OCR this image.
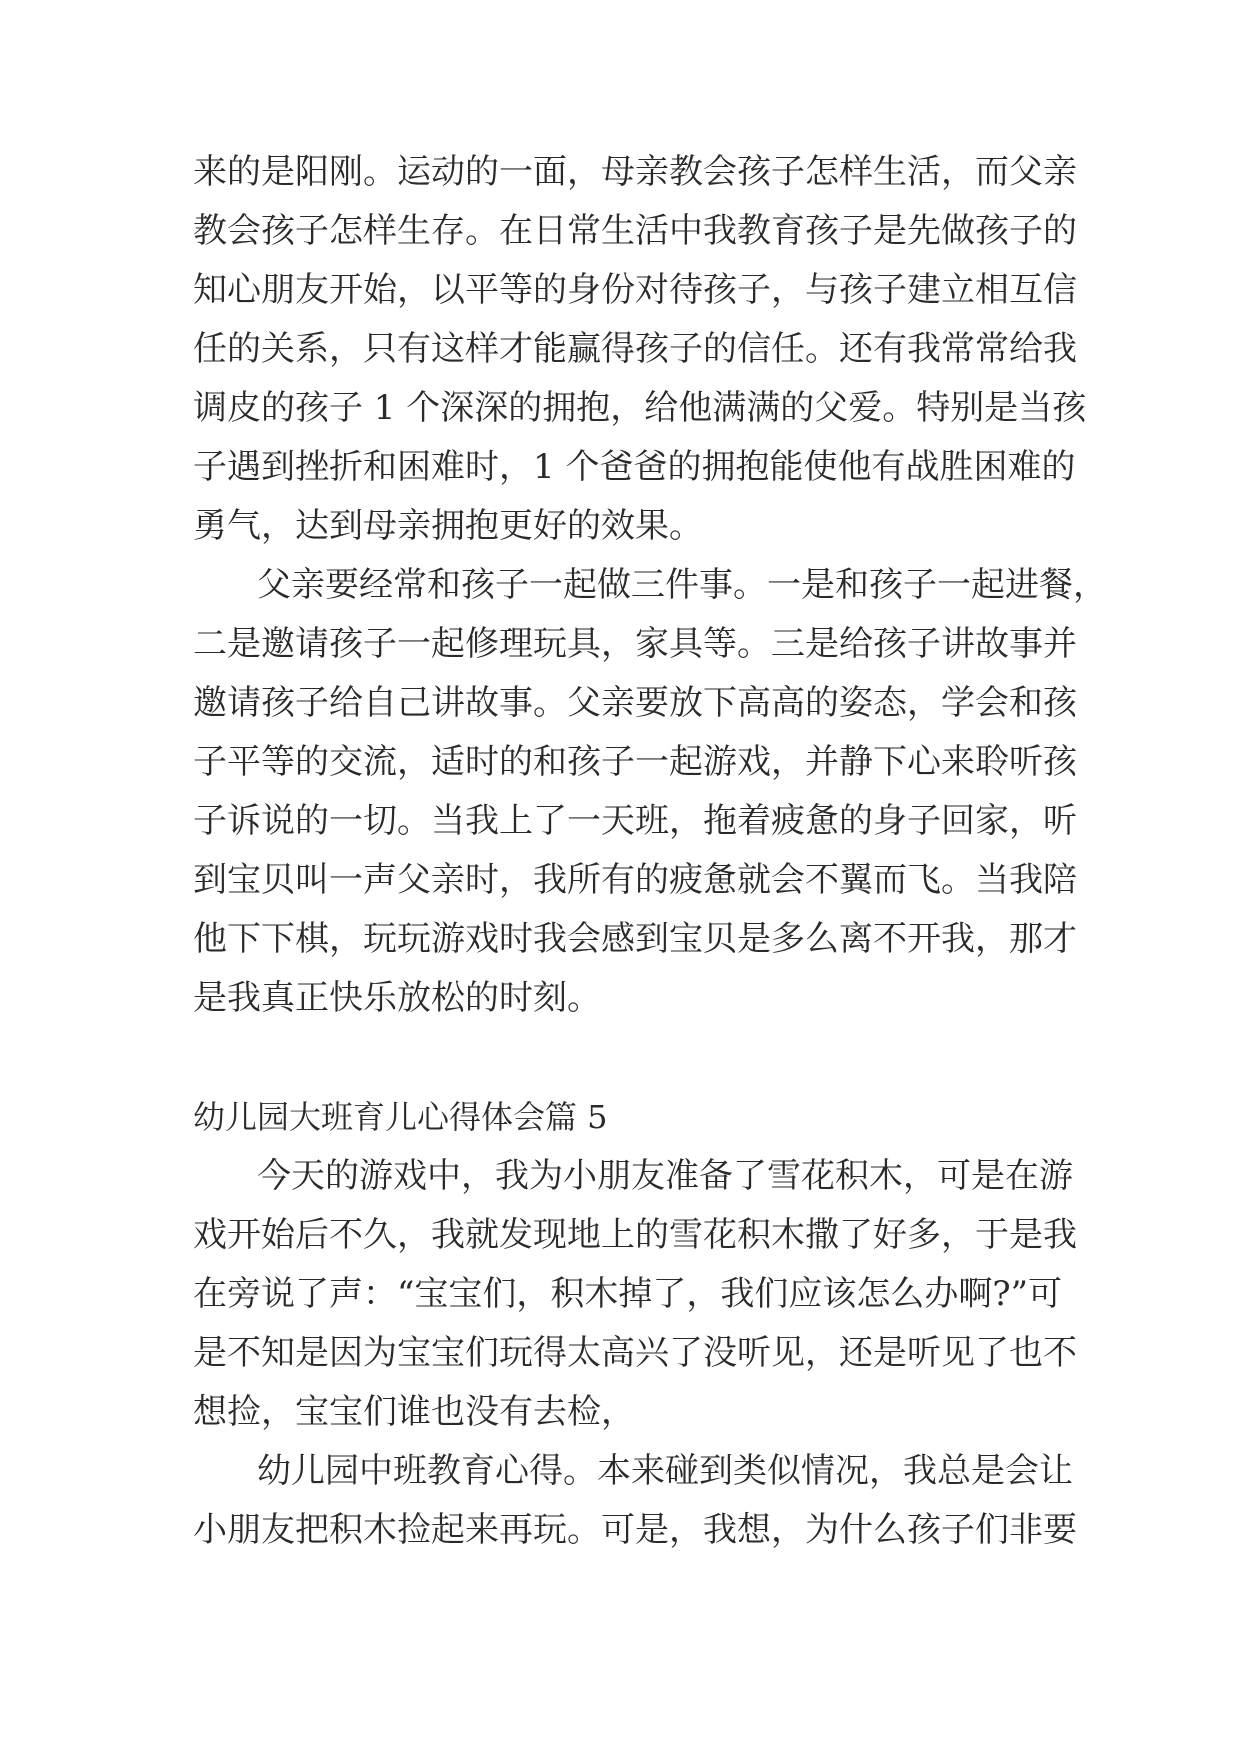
来的是阳刚。运动的一面，母亲教会孩子怎样生活，而父亲
教会孩子怎样生存。在日常生活中我教育孩子是先做孩子的
知心朋友开始，以平等的身份对待孩子，与孩子建立相互信
任的关系，只有这样才能赢得孩子的信任。还有我常常给我
调皮的孩子 1 个深深的拥抱，给他满满的父爱。特别是当孩
子遇到挫折和困难时，1 个爸爸的拥抱能使他有战胜困难的
勇气，达到母亲拥抱更好的效果。
父亲要经常和孩子一起做三件事。一是和孩子一起进餐，
二是邀请孩子一起修理玩具，家具等。三是给孩子讲故事并
邀请孩子给自己讲故事。父亲要放下高高的姿态，学会和孩
子平等的交流，适时的和孩子一起游戏，并静下心来聆听孩
子诉说的一切。当我上了一天班，拖着疲惫的身子回家，听
到宝贝叫一声父亲时，我所有的疲惫就会不翼而飞。当我陪
他下下棋，玩玩游戏时我会感到宝贝是多么离不开我，那才
是我真正快乐放松的时刻。
幼儿园大班育儿心得体会篇 5
今天的游戏中，我为小朋友准备了雪花积木，可是在游
戏开始后不久，我就发现地上的雪花积木撒了好多，于是我
在旁说了声：“宝宝们，积木掉了，我们应该怎么办啊?”可
是不知是因为宝宝们玩得太高兴了没听见，还是听见了也不
想捡，宝宝们谁也没有去检，
幼儿园中班教育心得。本来碰到类似情况，我总是会让
小朋友把积木捡起来再玩。可是，我想，为什么孩子们非要
